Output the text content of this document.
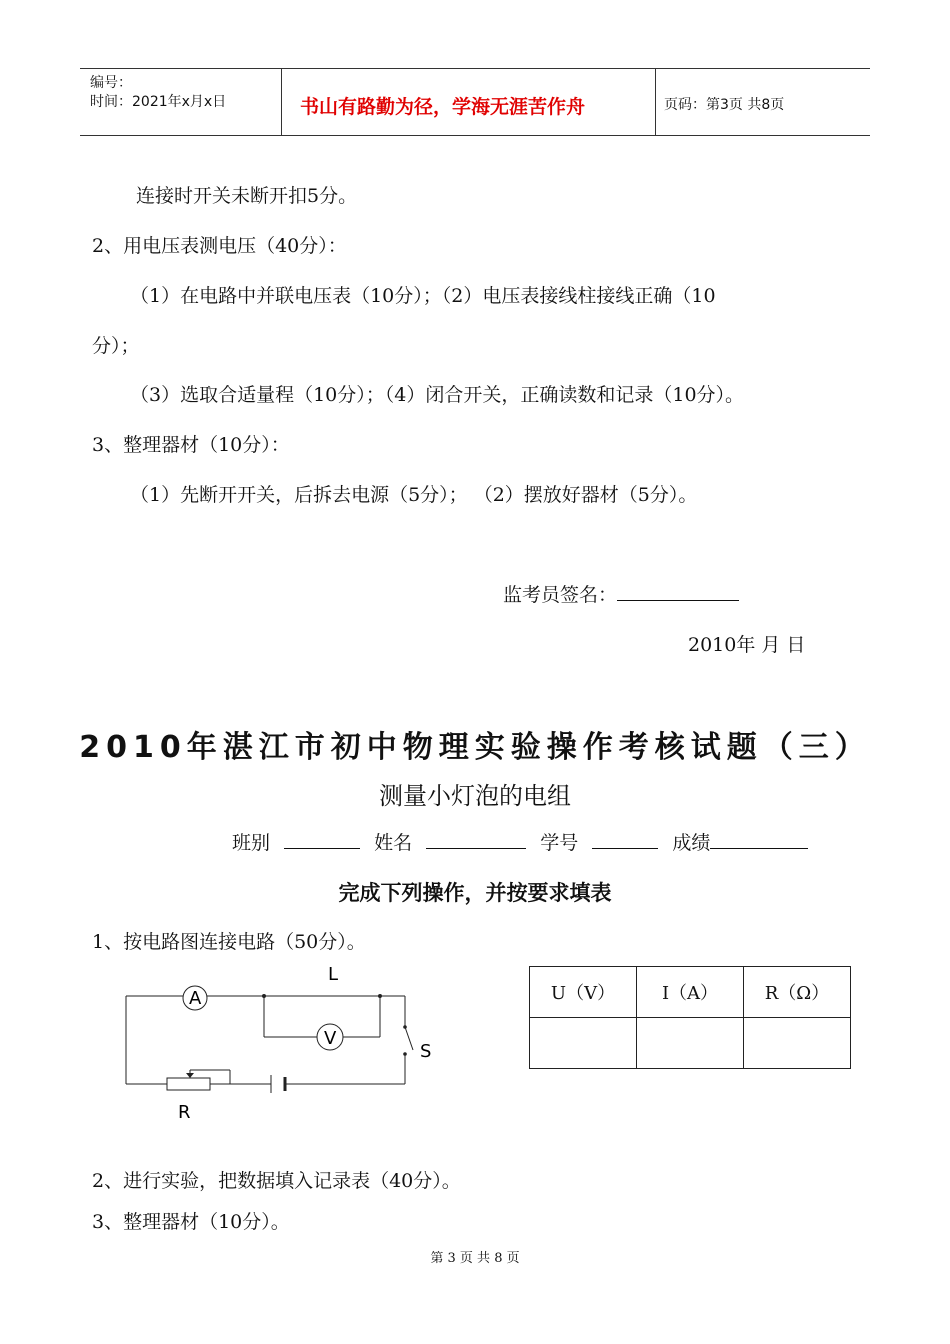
编号：
时间：2021年x月x日	书山有路勤为径，学海无涯苦作舟	页码：第3页 共8页
连接时开关未断开扣5分。
2、用电压表测电压（40分）：
（1）在电路中并联电压表（10分）；（2）电压表接线柱接线正确（10
分）；
（3）选取合适量程（10分）；（4）闭合开关，正确读数和记录（10分）。
3、整理器材（10分）：
（1）先断开开关，后拆去电源（5分）； （2）摆放好器材（5分）。
监考员签名：
2010年 月 日
2010年湛江市初中物理实验操作考核试题（三）
测量小灯泡的电组
班别	姓名	学号	成绩
完成下列操作，并按要求填表
1、按电路图连接电路（50分）。
A
V
L
S
R
U（V）	I（A）	R（Ω）

2、进行实验，把数据填入记录表（40分）。
3、整理器材（10分）。
第 3 页 共 8 页
